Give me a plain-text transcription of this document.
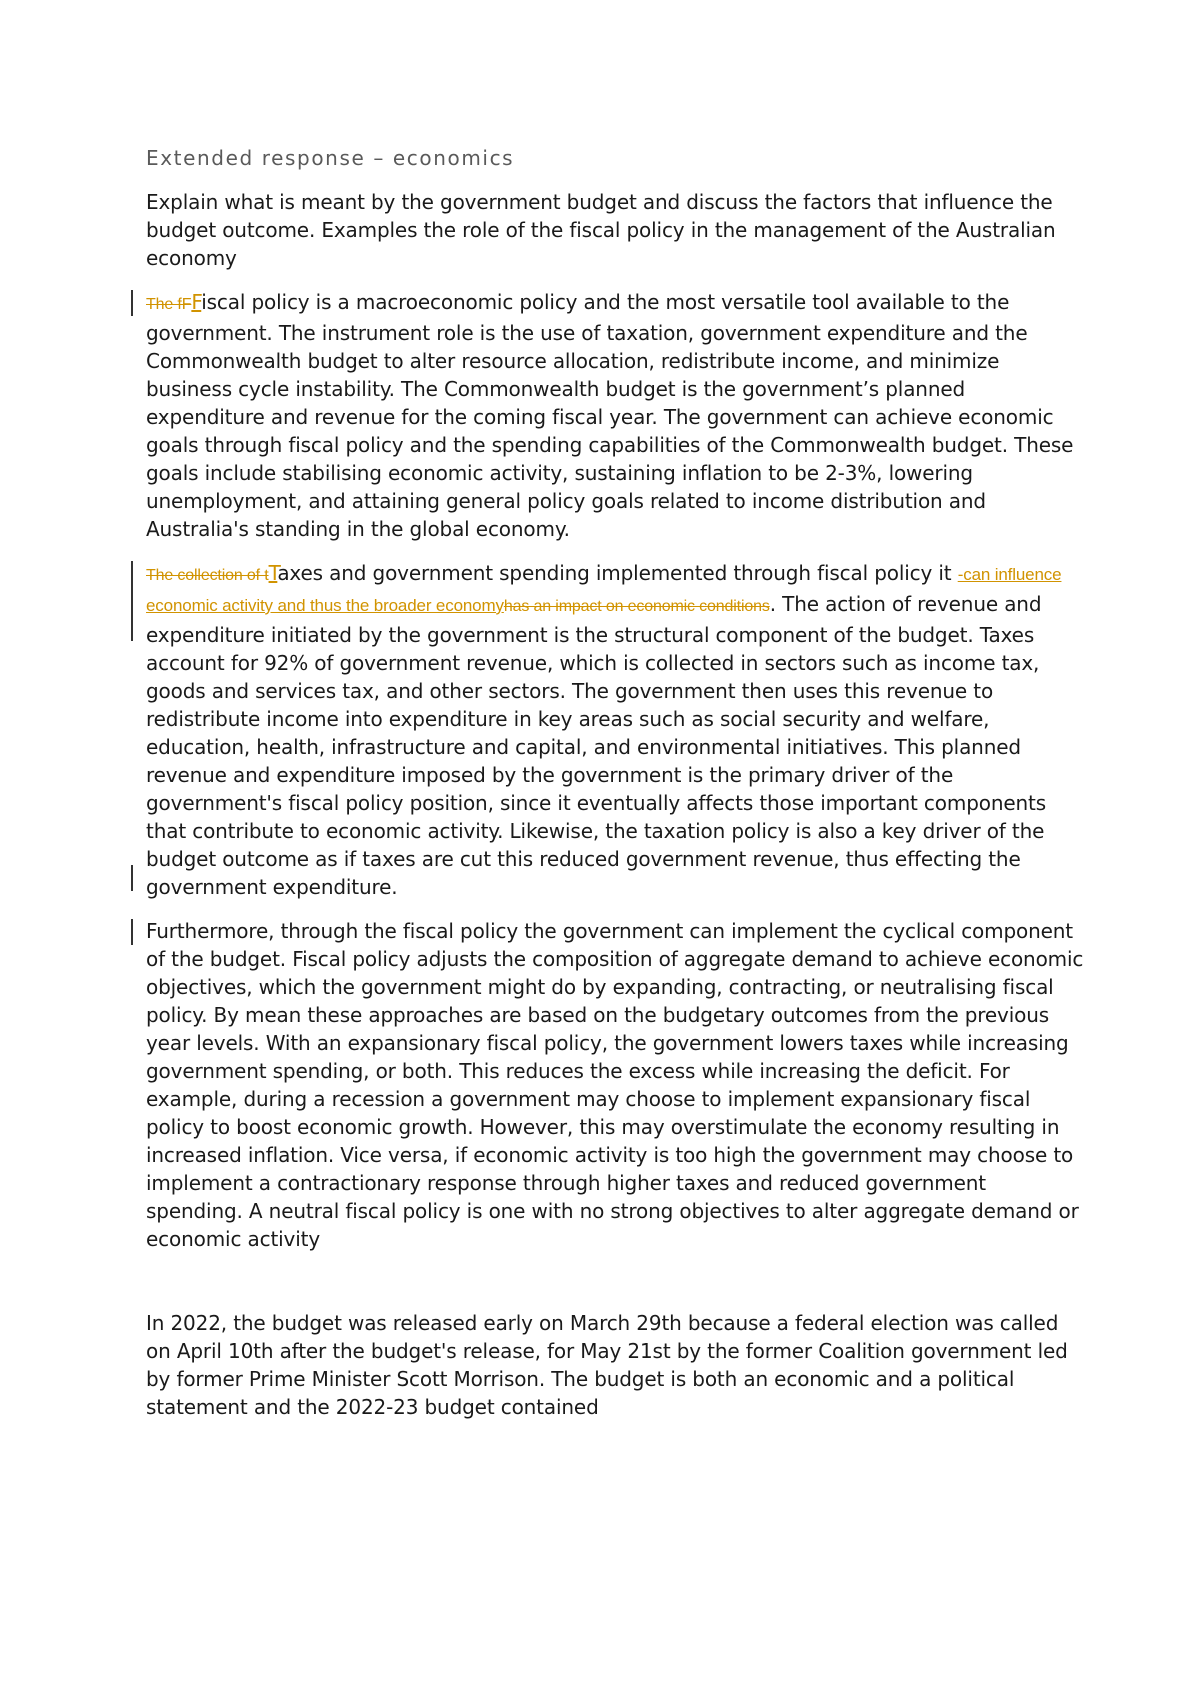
Extended response – economics

Explain what is meant by the government budget and discuss the factors that influence the budget outcome. Examples the role of the fiscal policy in the management of the Australian economy

The fFFiscal policy is a macroeconomic policy and the most versatile tool available to the government. The instrument role is the use of taxation, government expenditure and the Commonwealth budget to alter resource allocation, redistribute income, and minimize business cycle instability. The Commonwealth budget is the government’s planned expenditure and revenue for the coming fiscal year. The government can achieve economic goals through fiscal policy and the spending capabilities of the Commonwealth budget. These goals include stabilising economic activity, sustaining inflation to be 2-3%, lowering unemployment, and attaining general policy goals related to income distribution and Australia's standing in the global economy.

The collection of tTaxes and government spending implemented through fiscal policy it -can influence economic activity and thus the broader economyhas an impact on economic conditions. The action of revenue and expenditure initiated by the government is the structural component of the budget. Taxes account for 92% of government revenue, which is collected in sectors such as income tax, goods and services tax, and other sectors. The government then uses this revenue to redistribute income into expenditure in key areas such as social security and welfare, education, health, infrastructure and capital, and environmental initiatives. This planned revenue and expenditure imposed by the government is the primary driver of the government's fiscal policy position, since it eventually affects those important components that contribute to economic activity. Likewise, the taxation policy is also a key driver of the budget outcome as if taxes are cut this reduced government revenue, thus effecting the government expenditure.

Furthermore, through the fiscal policy the government can implement the cyclical component of the budget. Fiscal policy adjusts the composition of aggregate demand to achieve economic objectives, which the government might do by expanding, contracting, or neutralising fiscal policy. By mean these approaches are based on the budgetary outcomes from the previous year levels. With an expansionary fiscal policy, the government lowers taxes while increasing government spending, or both. This reduces the excess while increasing the deficit. For example, during a recession a government may choose to implement expansionary fiscal policy to boost economic growth. However, this may overstimulate the economy resulting in increased inflation. Vice versa, if economic activity is too high the government may choose to implement a contractionary response through higher taxes and reduced government spending. A neutral fiscal policy is one with no strong objectives to alter aggregate demand or economic activity

In 2022, the budget was released early on March 29th because a federal election was called on April 10th after the budget's release, for May 21st by the former Coalition government led by former Prime Minister Scott Morrison. The budget is both an economic and a political statement and the 2022-23 budget contained
